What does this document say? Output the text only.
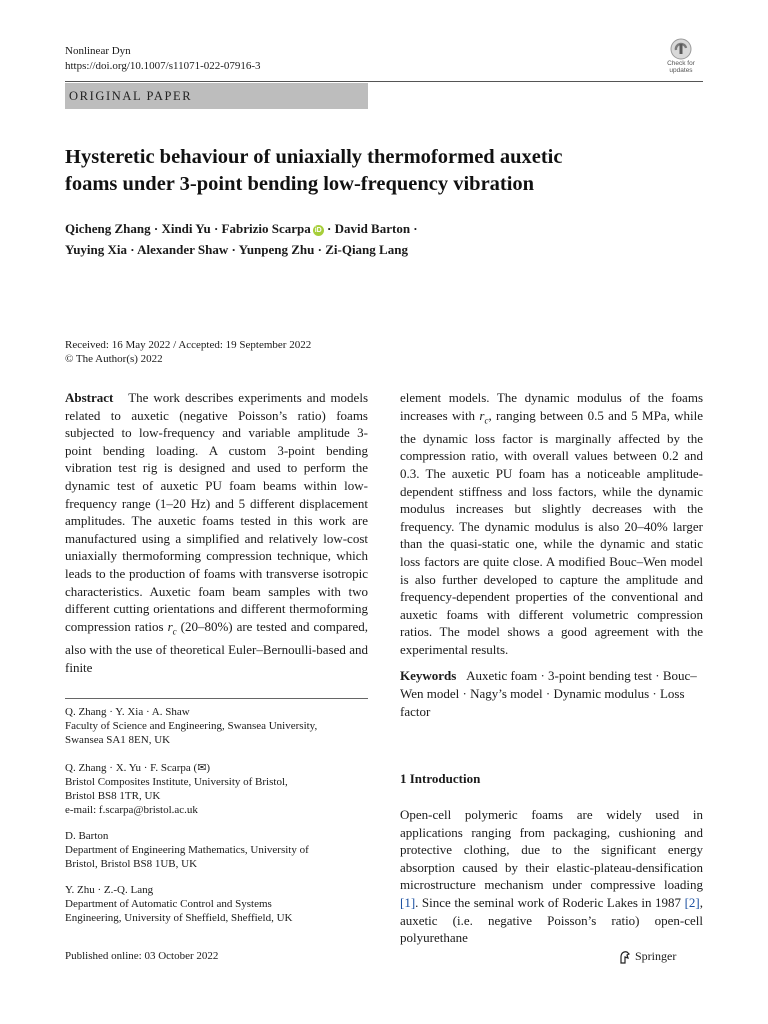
Nonlinear Dyn
https://doi.org/10.1007/s11071-022-07916-3	Check for
updates
ORIGINAL PAPER
Hysteretic behaviour of uniaxially thermoformed auxetic
foams under 3-point bending low-frequency vibration
Qicheng Zhang · Xindi Yu · Fabrizio Scarpa iD · David Barton ·
Yuying Xia · Alexander Shaw · Yunpeng Zhu · Zi-Qiang Lang
Received: 16 May 2022 / Accepted: 19 September 2022
© The Author(s) 2022

Abstract The work describes experiments and models related to auxetic (negative Poisson’s ratio) foams subjected to low-frequency and variable amplitude 3-point bending loading. A custom 3-point bending vibration test rig is designed and used to perform the dynamic test of auxetic PU foam beams within low-frequency range (1–20 Hz) and 5 different displacement amplitudes. The auxetic foams tested in this work are manufactured using a simplified and relatively low-cost uniaxially thermoforming compression technique, which leads to the production of foams with transverse isotropic characteristics. Auxetic foam beam samples with two different cutting orientations and different thermoforming compression ratios $r_c$ (20–80%) are tested and compared, also with the use of theoretical Euler–Bernoulli-based and finite

element models. The dynamic modulus of the foams increases with $r_c$, ranging between 0.5 and 5 MPa, while the dynamic loss factor is marginally affected by the compression ratio, with overall values between 0.2 and 0.3. The auxetic PU foam has a noticeable amplitude-dependent stiffness and loss factors, while the dynamic modulus increases but slightly decreases with the frequency. The dynamic modulus is also 20–40% larger than the quasi-static one, while the dynamic and static loss factors are quite close. A modified Bouc–Wen model is also further developed to capture the amplitude and frequency-dependent properties of the conventional and auxetic foams with different volumetric compression ratios. The model shows a good agreement with the experimental results.

Keywords Auxetic foam · 3-point bending test · Bouc–Wen model · Nagy’s model · Dynamic modulus · Loss factor
Q. Zhang · Y. Xia · A. Shaw
Faculty of Science and Engineering, Swansea University,
Swansea SA1 8EN, UK
Q. Zhang · X. Yu · F. Scarpa (✉)
Bristol Composites Institute, University of Bristol,
Bristol BS8 1TR, UK
e-mail: f.scarpa@bristol.ac.uk
D. Barton
Department of Engineering Mathematics, University of
Bristol, Bristol BS8 1UB, UK
Y. Zhu · Z.-Q. Lang
Department of Automatic Control and Systems
Engineering, University of Sheffield, Sheffield, UK
1 Introduction

Open-cell polymeric foams are widely used in applications ranging from packaging, cushioning and protective clothing, due to the significant energy absorption caused by their elastic-plateau-densification microstructure mechanism under compressive loading [1]. Since the seminal work of Roderic Lakes in 1987 [2], auxetic (i.e. negative Poisson’s ratio) open-cell polyurethane

Published online: 03 October 2022	Springer
